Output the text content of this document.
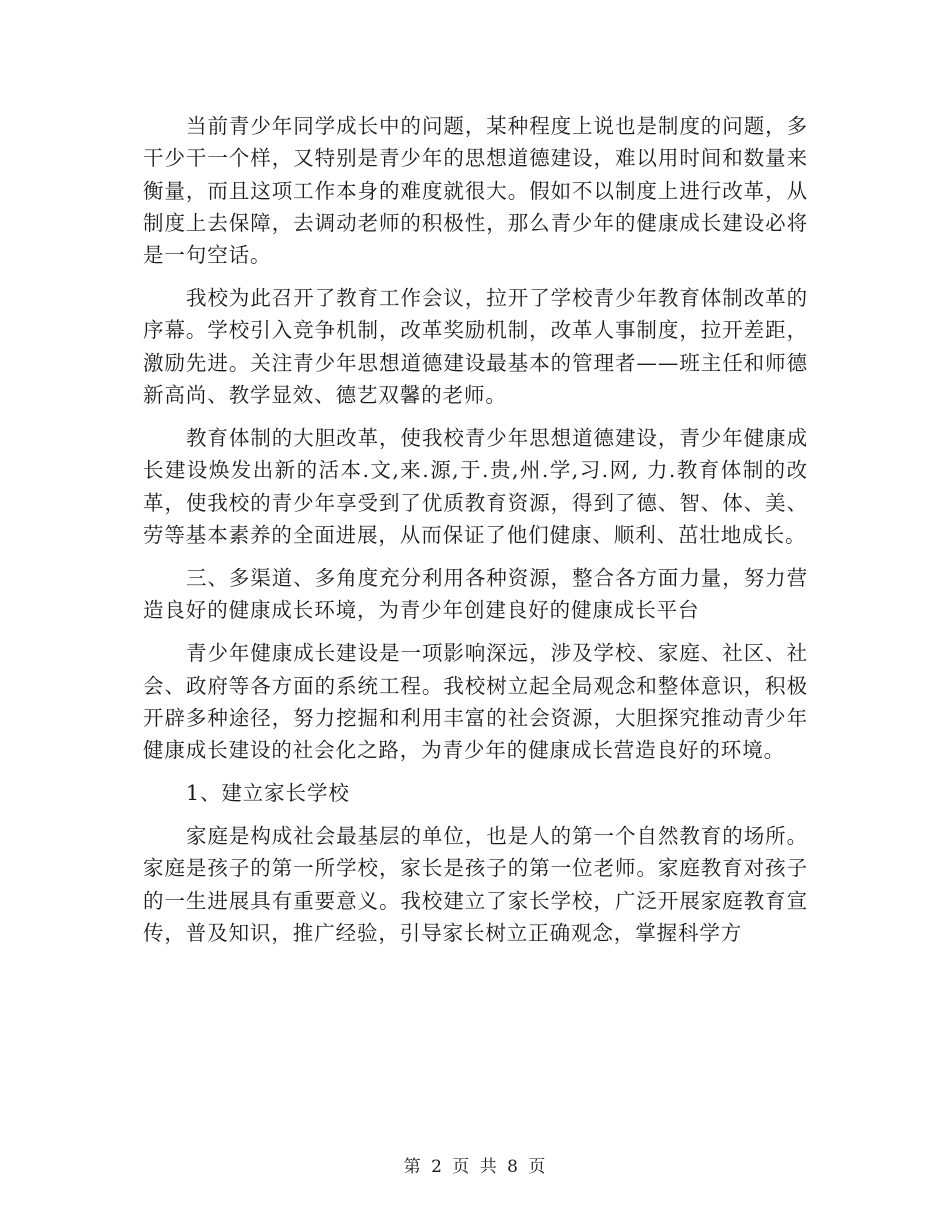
当前青少年同学成长中的问题，某种程度上说也是制度的问题，多干少干一个样，又特别是青少年的思想道德建设，难以用时间和数量来衡量，而且这项工作本身的难度就很大。假如不以制度上进行改革，从制度上去保障，去调动老师的积极性，那么青少年的健康成长建设必将是一句空话。

我校为此召开了教育工作会议，拉开了学校青少年教育体制改革的序幕。学校引入竞争机制，改革奖励机制，改革人事制度，拉开差距，激励先进。关注青少年思想道德建设最基本的管理者——班主任和师德新高尚、教学显效、德艺双馨的老师。

教育体制的大胆改革，使我校青少年思想道德建设，青少年健康成长建设焕发出新的活本.文,来.源,于.贵,州.学,习.网, 力.教育体制的改革，使我校的青少年享受到了优质教育资源，得到了德、智、体、美、劳等基本素养的全面进展，从而保证了他们健康、顺利、茁壮地成长。

三、多渠道、多角度充分利用各种资源，整合各方面力量，努力营造良好的健康成长环境，为青少年创建良好的健康成长平台

青少年健康成长建设是一项影响深远，涉及学校、家庭、社区、社会、政府等各方面的系统工程。我校树立起全局观念和整体意识，积极开辟多种途径，努力挖掘和利用丰富的社会资源，大胆探究推动青少年健康成长建设的社会化之路，为青少年的健康成长营造良好的环境。

1、建立家长学校

家庭是构成社会最基层的单位，也是人的第一个自然教育的场所。家庭是孩子的第一所学校，家长是孩子的第一位老师。家庭教育对孩子的一生进展具有重要意义。我校建立了家长学校，广泛开展家庭教育宣传，普及知识，推广经验，引导家长树立正确观念，掌握科学方

第 2 页 共 8 页
